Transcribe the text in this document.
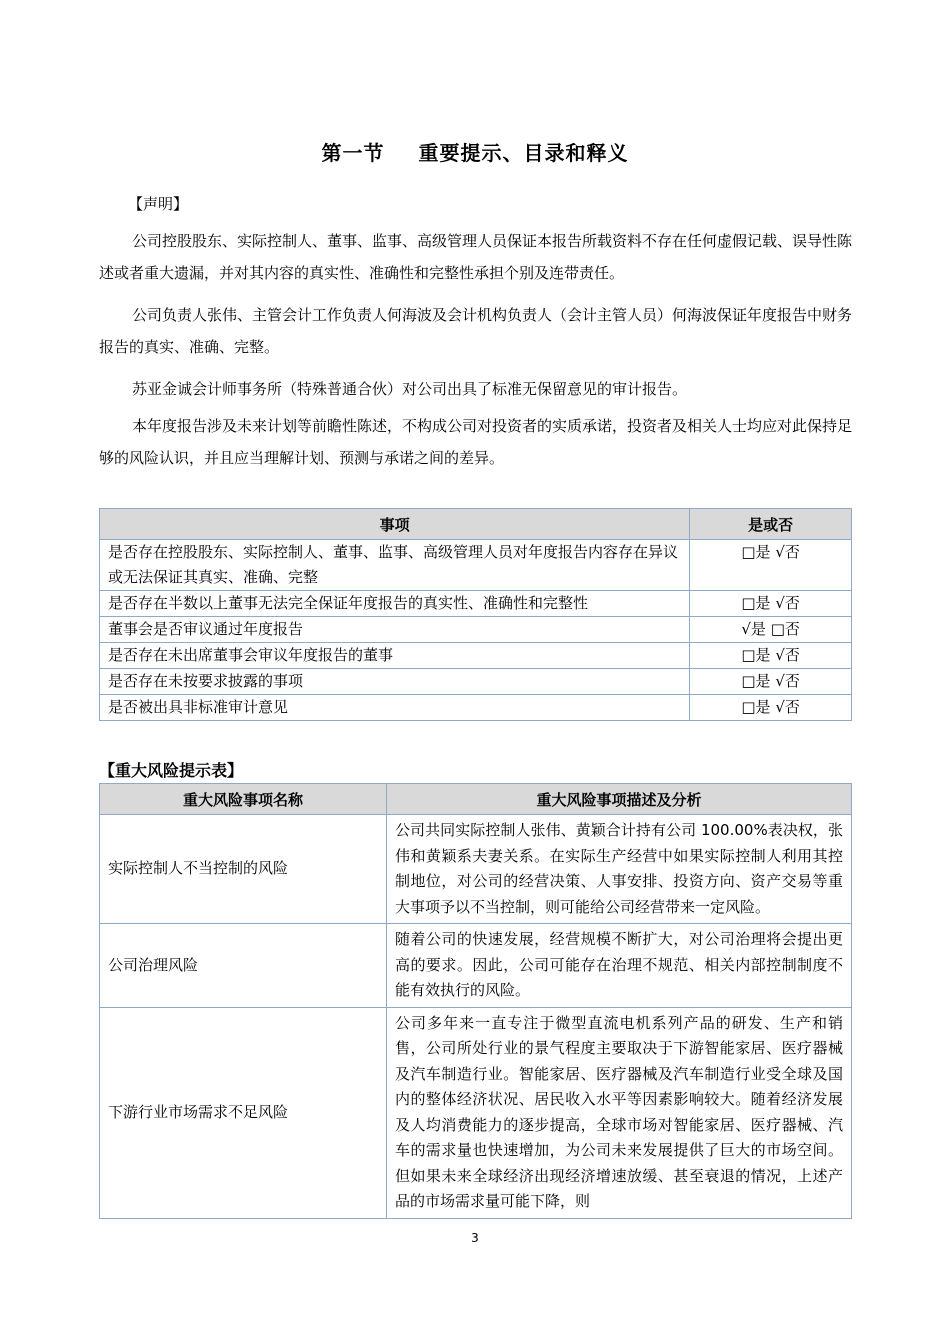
第一节 重要提示、目录和释义
【声明】
公司控股股东、实际控制人、董事、监事、高级管理人员保证本报告所载资料不存在任何虚假记载、误导性陈述或者重大遗漏，并对其内容的真实性、准确性和完整性承担个别及连带责任。
公司负责人张伟、主管会计工作负责人何海波及会计机构负责人（会计主管人员）何海波保证年度报告中财务报告的真实、准确、完整。
苏亚金诚会计师事务所（特殊普通合伙）对公司出具了标准无保留意见的审计报告。
本年度报告涉及未来计划等前瞻性陈述，不构成公司对投资者的实质承诺，投资者及相关人士均应对此保持足够的风险认识，并且应当理解计划、预测与承诺之间的差异。
事项	是或否
是否存在控股股东、实际控制人、董事、监事、高级管理人员对年度报告内容存在异议或无法保证其真实、准确、完整	□是 √否
是否存在半数以上董事无法完全保证年度报告的真实性、准确性和完整性	□是 √否
董事会是否审议通过年度报告	√是 □否
是否存在未出席董事会审议年度报告的董事	□是 √否
是否存在未按要求披露的事项	□是 √否
是否被出具非标准审计意见	□是 √否
【重大风险提示表】
重大风险事项名称	重大风险事项描述及分析
实际控制人不当控制的风险	公司共同实际控制人张伟、黄颖合计持有公司 100.00%表决权，张伟和黄颖系夫妻关系。在实际生产经营中如果实际控制人利用其控制地位，对公司的经营决策、人事安排、投资方向、资产交易等重大事项予以不当控制，则可能给公司经营带来一定风险。
公司治理风险	随着公司的快速发展，经营规模不断扩大，对公司治理将会提出更高的要求。因此，公司可能存在治理不规范、相关内部控制制度不能有效执行的风险。
下游行业市场需求不足风险	公司多年来一直专注于微型直流电机系列产品的研发、生产和销售，公司所处行业的景气程度主要取决于下游智能家居、医疗器械及汽车制造行业。智能家居、医疗器械及汽车制造行业受全球及国内的整体经济状况、居民收入水平等因素影响较大。随着经济发展及人均消费能力的逐步提高，全球市场对智能家居、医疗器械、汽车的需求量也快速增加，为公司未来发展提供了巨大的市场空间。但如果未来全球经济出现经济增速放缓、甚至衰退的情况，上述产品的市场需求量可能下降，则
3
